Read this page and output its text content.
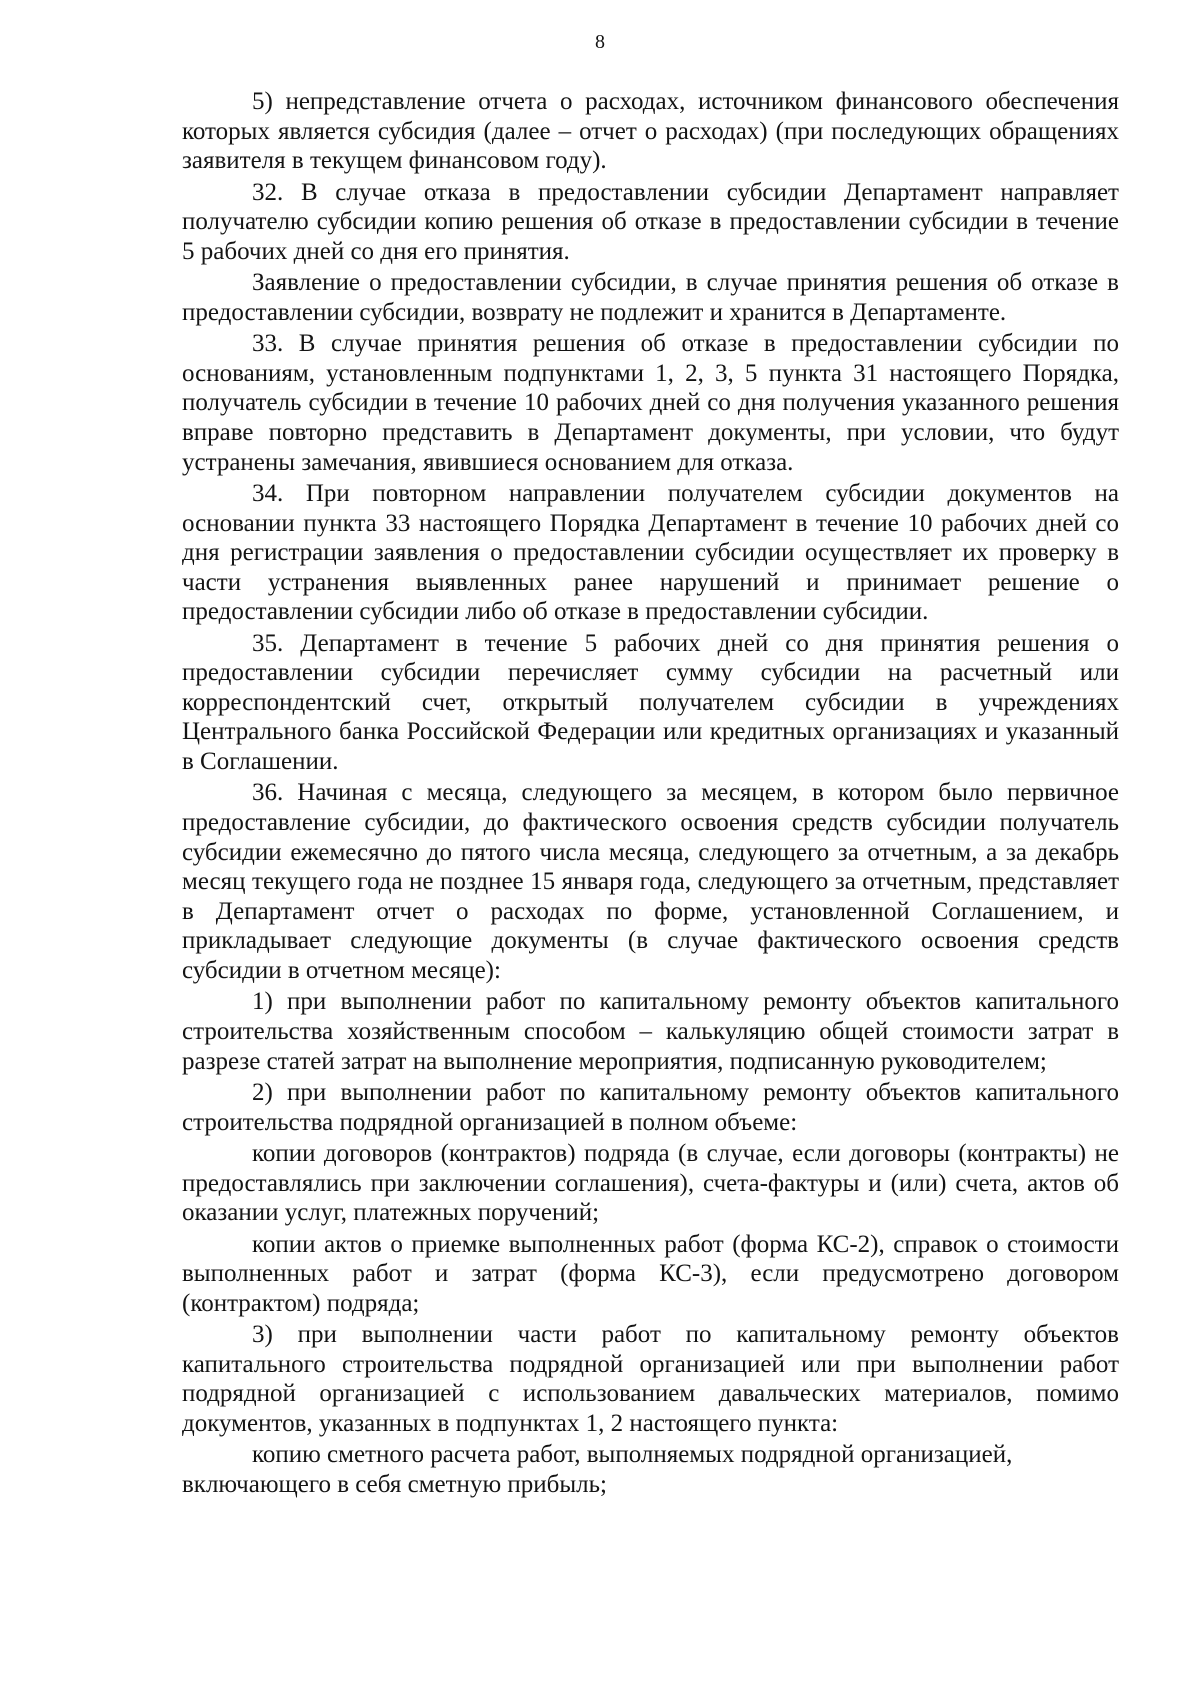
8

5) непредставление отчета о расходах, источником финансового обеспечения которых является субсидия (далее – отчет о расходах) (при последующих обращениях заявителя в текущем финансовом году).

32. В случае отказа в предоставлении субсидии Департамент направляет получателю субсидии копию решения об отказе в предоставлении субсидии в течение 5 рабочих дней со дня его принятия.

Заявление о предоставлении субсидии, в случае принятия решения об отказе в предоставлении субсидии, возврату не подлежит и хранится в Департаменте.

33. В случае принятия решения об отказе в предоставлении субсидии по основаниям, установленным подпунктами 1, 2, 3, 5 пункта 31 настоящего Порядка, получатель субсидии в течение 10 рабочих дней со дня получения указанного решения вправе повторно представить в Департамент документы, при условии, что будут устранены замечания, явившиеся основанием для отказа.

34. При повторном направлении получателем субсидии документов на основании пункта 33 настоящего Порядка Департамент в течение 10 рабочих дней со дня регистрации заявления о предоставлении субсидии осуществляет их проверку в части устранения выявленных ранее нарушений и принимает решение о предоставлении субсидии либо об отказе в предоставлении субсидии.

35. Департамент в течение 5 рабочих дней со дня принятия решения о предоставлении субсидии перечисляет сумму субсидии на расчетный или корреспондентский счет, открытый получателем субсидии в учреждениях Центрального банка Российской Федерации или кредитных организациях и указанный в Соглашении.

36. Начиная с месяца, следующего за месяцем, в котором было первичное предоставление субсидии, до фактического освоения средств субсидии получатель субсидии ежемесячно до пятого числа месяца, следующего за отчетным, а за декабрь месяц текущего года не позднее 15 января года, следующего за отчетным, представляет в Департамент отчет о расходах по форме, установленной Соглашением, и прикладывает следующие документы (в случае фактического освоения средств субсидии в отчетном месяце):

1) при выполнении работ по капитальному ремонту объектов капитального строительства хозяйственным способом – калькуляцию общей стоимости затрат в разрезе статей затрат на выполнение мероприятия, подписанную руководителем;

2) при выполнении работ по капитальному ремонту объектов капитального строительства подрядной организацией в полном объеме:

копии договоров (контрактов) подряда (в случае, если договоры (контракты) не предоставлялись при заключении соглашения), счета-фактуры и (или) счета, актов об оказании услуг, платежных поручений;

копии актов о приемке выполненных работ (форма КС-2), справок о стоимости выполненных работ и затрат (форма КС-3), если предусмотрено договором (контрактом) подряда;

3) при выполнении части работ по капитальному ремонту объектов капитального строительства подрядной организацией или при выполнении работ подрядной организацией с использованием давальческих материалов, помимо документов, указанных в подпунктах 1, 2 настоящего пункта:

копию сметного расчета работ, выполняемых подрядной организацией, включающего в себя сметную прибыль;
